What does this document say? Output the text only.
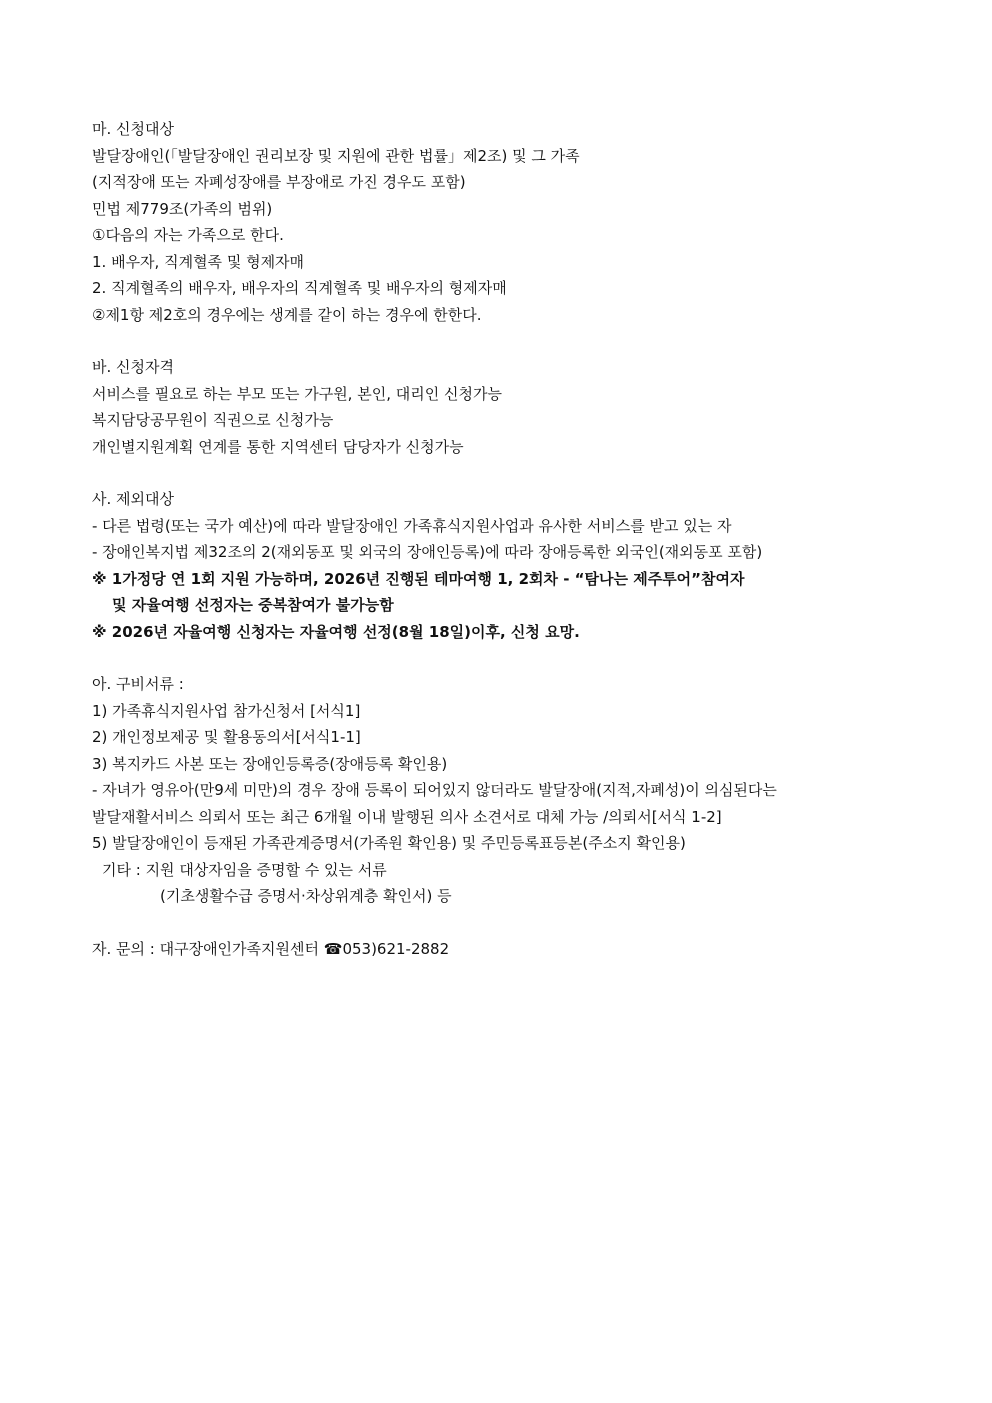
마. 신청대상
발달장애인(「발달장애인 권리보장 및 지원에 관한 법률」제2조) 및 그 가족
(지적장애 또는 자폐성장애를 부장애로 가진 경우도 포함)
민법 제779조(가족의 범위)
①다음의 자는 가족으로 한다.
1. 배우자, 직계혈족 및 형제자매
2. 직계혈족의 배우자, 배우자의 직계혈족 및 배우자의 형제자매
②제1항 제2호의 경우에는 생계를 같이 하는 경우에 한한다.
바. 신청자격
서비스를 필요로 하는 부모 또는 가구원, 본인, 대리인 신청가능
복지담당공무원이 직권으로 신청가능
개인별지원계획 연계를 통한 지역센터 담당자가 신청가능
사. 제외대상
- 다른 법령(또는 국가 예산)에 따라 발달장애인 가족휴식지원사업과 유사한 서비스를 받고 있는 자
- 장애인복지법 제32조의 2(재외동포 및 외국의 장애인등록)에 따라 장애등록한 외국인(재외동포 포함)
※ 1가정당 연 1회 지원 가능하며, 2026년 진행된 테마여행 1, 2회차 - “탐나는 제주투어”참여자
및 자율여행 선정자는 중복참여가 불가능함
※ 2026년 자율여행 신청자는 자율여행 선정(8월 18일)이후, 신청 요망.
아. 구비서류 :
1) 가족휴식지원사업 참가신청서 [서식1]
2) 개인정보제공 및 활용동의서[서식1-1]
3) 복지카드 사본 또는 장애인등록증(장애등록 확인용)
- 자녀가 영유아(만9세 미만)의 경우 장애 등록이 되어있지 않더라도 발달장애(지적,자폐성)이 의심된다는
발달재활서비스 의뢰서 또는 최근 6개월 이내 발행된 의사 소견서로 대체 가능 /의뢰서[서식 1-2]
5) 발달장애인이 등재된 가족관계증명서(가족원 확인용) 및 주민등록표등본(주소지 확인용)
기타 : 지원 대상자임을 증명할 수 있는 서류
(기초생활수급 증명서·차상위계층 확인서) 등
자. 문의 : 대구장애인가족지원센터 ☎053)621-2882
